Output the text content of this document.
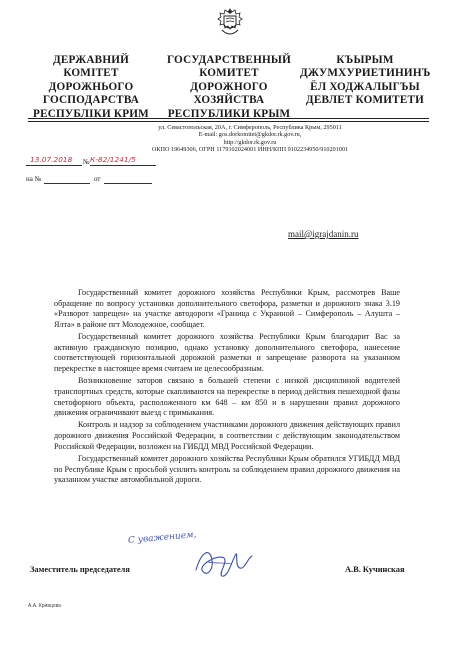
ДЕРЖАВНИЙ
КОМІТЕТ
ДОРОЖНЬОГО
ГОСПОДАРСТВА
РЕСПУБЛІКИ КРИМ
ГОСУДАРСТВЕННЫЙ
КОМИТЕТ
ДОРОЖНОГО
ХОЗЯЙСТВА
РЕСПУБЛИКИ КРЫМ
КЪЫРЫМ
ДЖУМХУРИЕТИНИНЪ
ЁЛ ХОДЖАЛЫГЪЫ
ДЕВЛЕТ КОМИТЕТИ
ул. Севастопольская, 20А, г. Симферополь, Республика Крым, 295011
E-mail: gos.dorkomitet@gkdor.rk.gov.ru,
http://gkdor.rk.gov.ru
ОКПО 19649306, ОГРН 1179102024001 ИНН/КПП 9102234950/910201001
13.07.2018 К-82/1241/5
№
на №	от
mail@igrajdanin.ru

Государственный комитет дорожного хозяйства Республики Крым, рассмотрев Ваше обращение по вопросу установки дополнительного светофора, разметки и дорожного знака 3.19 «Разворот запрещен» на участке автодороги «Граница с Украиной – Симферополь – Алушта – Ялта» в районе пгт Молодежное, сообщает.

Государственный комитет дорожного хозяйства Республики Крым благодарит Вас за активную гражданскую позицию, однако установку дополнительного светофора, нанесение соответствующей горизонтальной дорожной разметки и запрещение разворота на указанном перекрестке в настоящее время считаем не целесообразным.

Возникновение заторов связано в большей степени с низкой дисциплиной водителей транспортных средств, которые скапливаются на перекрестке в период действия пешеходной фазы светофорного объекта, расположенного км 648 – км 850 и в нарушении правил дорожного движения ограничивают выезд с примыкания.

Контроль и надзор за соблюдением участниками дорожного движения действующих правил дорожного движения Российской Федерации, в соответствии с действующим законодательством Российской Федерации, возложен на ГИБДД МВД Российской Федерации.

Государственный комитет дорожного хозяйства Республики Крым обратился УГИБДД МВД по Республике Крым с просьбой усилить контроль за соблюдением правил дорожного движения на указанном участке автомобильной дороги.

С уважением,
Заместитель председателя	А.В. Кучинская
А.А. Кривцова
